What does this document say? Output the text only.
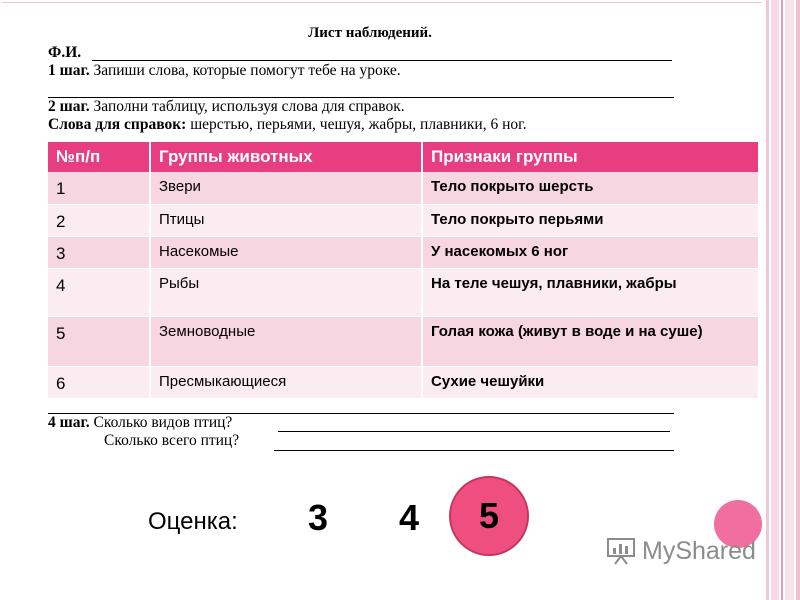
Лист наблюдений.
Ф.И.
1 шаг. Запиши слова, которые помогут тебе на уроке.
2 шаг. Заполни таблицу, используя слова для справок.
Слова для справок: шерстью, перьями, чешуя, жабры, плавники, 6 ног.
№п/п	Группы животных	Признаки группы
1	Звери	Тело покрыто шерсть
2	Птицы	Тело покрыто перьями
3	Насекомые	У насекомых 6 ног
4	Рыбы	На теле чешуя, плавники, жабры
5	Земноводные	Голая кожа (живут в воде и на суше)
6	Пресмыкающиеся	Сухие чешуйки
4 шаг. Сколько видов птиц?
Сколько всего птиц?
Оценка: 3 4 5
MyShared
